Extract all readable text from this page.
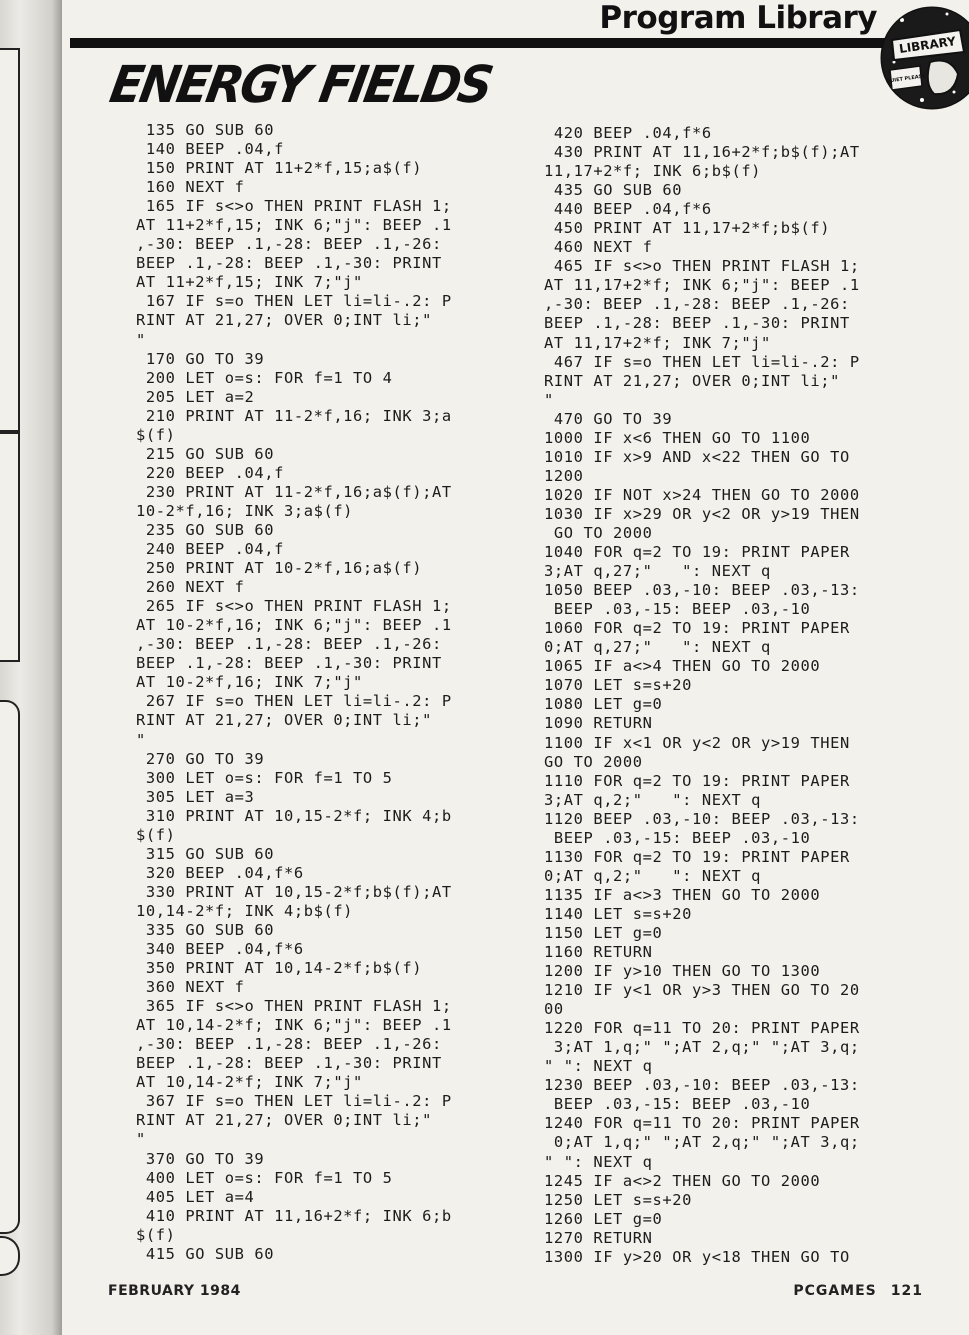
Program Library
LIBRARY
QUIET PLEASE
ENERGY FIELDS
135 GO SUB 60
140 BEEP .04,f
150 PRINT AT 11+2*f,15;a$(f)
160 NEXT f
165 IF s<>o THEN PRINT FLASH 1;
AT 11+2*f,15; INK 6;"j": BEEP .1
,-30: BEEP .1,-28: BEEP .1,-26:
BEEP .1,-28: BEEP .1,-30: PRINT
AT 11+2*f,15; INK 7;"j"
167 IF s=o THEN LET li=li-.2: P
RINT AT 21,27; OVER 0;INT li;"
"
170 GO TO 39
200 LET o=s: FOR f=1 TO 4
205 LET a=2
210 PRINT AT 11-2*f,16; INK 3;a
$(f)
215 GO SUB 60
220 BEEP .04,f
230 PRINT AT 11-2*f,16;a$(f);AT
10-2*f,16; INK 3;a$(f)
235 GO SUB 60
240 BEEP .04,f
250 PRINT AT 10-2*f,16;a$(f)
260 NEXT f
265 IF s<>o THEN PRINT FLASH 1;
AT 10-2*f,16; INK 6;"j": BEEP .1
,-30: BEEP .1,-28: BEEP .1,-26:
BEEP .1,-28: BEEP .1,-30: PRINT
AT 10-2*f,16; INK 7;"j"
267 IF s=o THEN LET li=li-.2: P
RINT AT 21,27; OVER 0;INT li;"
"
270 GO TO 39
300 LET o=s: FOR f=1 TO 5
305 LET a=3
310 PRINT AT 10,15-2*f; INK 4;b
$(f)
315 GO SUB 60
320 BEEP .04,f*6
330 PRINT AT 10,15-2*f;b$(f);AT
10,14-2*f; INK 4;b$(f)
335 GO SUB 60
340 BEEP .04,f*6
350 PRINT AT 10,14-2*f;b$(f)
360 NEXT f
365 IF s<>o THEN PRINT FLASH 1;
AT 10,14-2*f; INK 6;"j": BEEP .1
,-30: BEEP .1,-28: BEEP .1,-26:
BEEP .1,-28: BEEP .1,-30: PRINT
AT 10,14-2*f; INK 7;"j"
367 IF s=o THEN LET li=li-.2: P
RINT AT 21,27; OVER 0;INT li;"
"
370 GO TO 39
400 LET o=s: FOR f=1 TO 5
405 LET a=4
410 PRINT AT 11,16+2*f; INK 6;b
$(f)
415 GO SUB 60
420 BEEP .04,f*6
430 PRINT AT 11,16+2*f;b$(f);AT
11,17+2*f; INK 6;b$(f)
435 GO SUB 60
440 BEEP .04,f*6
450 PRINT AT 11,17+2*f;b$(f)
460 NEXT f
465 IF s<>o THEN PRINT FLASH 1;
AT 11,17+2*f; INK 6;"j": BEEP .1
,-30: BEEP .1,-28: BEEP .1,-26:
BEEP .1,-28: BEEP .1,-30: PRINT
AT 11,17+2*f; INK 7;"j"
467 IF s=o THEN LET li=li-.2: P
RINT AT 21,27; OVER 0;INT li;"
"
470 GO TO 39
1000 IF x<6 THEN GO TO 1100
1010 IF x>9 AND x<22 THEN GO TO
1200
1020 IF NOT x>24 THEN GO TO 2000
1030 IF x>29 OR y<2 OR y>19 THEN
GO TO 2000
1040 FOR q=2 TO 19: PRINT PAPER
3;AT q,27;"   ": NEXT q
1050 BEEP .03,-10: BEEP .03,-13:
BEEP .03,-15: BEEP .03,-10
1060 FOR q=2 TO 19: PRINT PAPER
0;AT q,27;"   ": NEXT q
1065 IF a<>4 THEN GO TO 2000
1070 LET s=s+20
1080 LET g=0
1090 RETURN
1100 IF x<1 OR y<2 OR y>19 THEN
GO TO 2000
1110 FOR q=2 TO 19: PRINT PAPER
3;AT q,2;"   ": NEXT q
1120 BEEP .03,-10: BEEP .03,-13:
BEEP .03,-15: BEEP .03,-10
1130 FOR q=2 TO 19: PRINT PAPER
0;AT q,2;"   ": NEXT q
1135 IF a<>3 THEN GO TO 2000
1140 LET s=s+20
1150 LET g=0
1160 RETURN
1200 IF y>10 THEN GO TO 1300
1210 IF y<1 OR y>3 THEN GO TO 20
00
1220 FOR q=11 TO 20: PRINT PAPER
3;AT 1,q;" ";AT 2,q;" ";AT 3,q;
" ": NEXT q
1230 BEEP .03,-10: BEEP .03,-13:
BEEP .03,-15: BEEP .03,-10
1240 FOR q=11 TO 20: PRINT PAPER
0;AT 1,q;" ";AT 2,q;" ";AT 3,q;
" ": NEXT q
1245 IF a<>2 THEN GO TO 2000
1250 LET s=s+20
1260 LET g=0
1270 RETURN
1300 IF y>20 OR y<18 THEN GO TO
FEBRUARY 1984	PCGAMES 121
